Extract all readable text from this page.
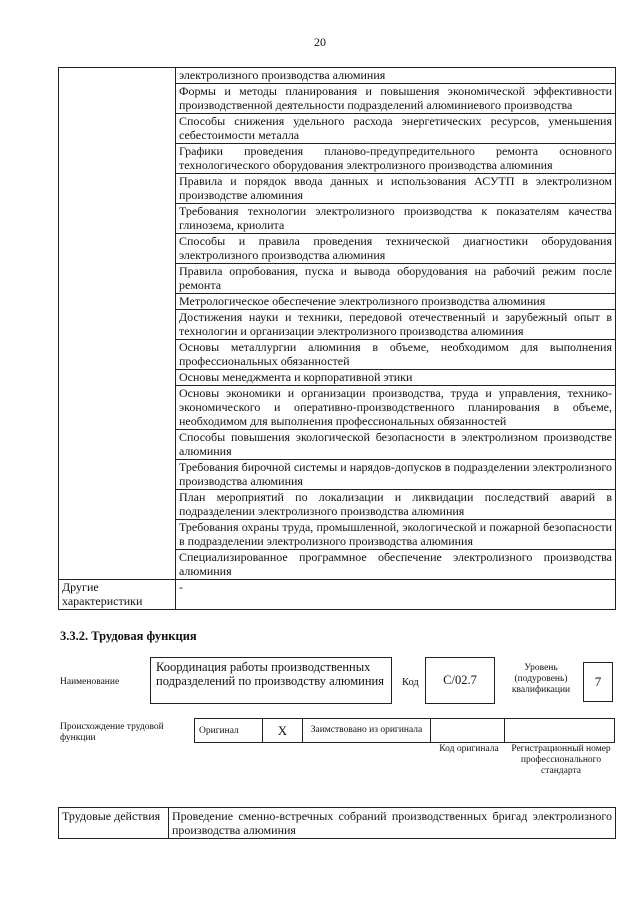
20
	электролизного производства алюминия
	Формы и методы планирования и повышения экономической эффективности производственной деятельности подразделений алюминиевого производства
	Способы снижения удельного расхода энергетических ресурсов, уменьшения себестоимости металла
	Графики проведения планово-предупредительного ремонта основного технологического оборудования электролизного производства алюминия
	Правила и порядок ввода данных и использования АСУТП в электролизном производстве алюминия
	Требования технологии электролизного производства к показателям качества глинозема, криолита
	Способы и правила проведения технической диагностики оборудования электролизного производства алюминия
	Правила опробования, пуска и вывода оборудования на рабочий режим после ремонта
	Метрологическое обеспечение электролизного производства алюминия
	Достижения науки и техники, передовой отечественный и зарубежный опыт в технологии и организации электролизного производства алюминия
	Основы металлургии алюминия в объеме, необходимом для выполнения профессиональных обязанностей
	Основы менеджмента и корпоративной этики
	Основы экономики и организации производства, труда и управления, технико-экономического и оперативно-производственного планирования в объеме, необходимом для выполнения профессиональных обязанностей
	Способы повышения экологической безопасности в электролизном производстве алюминия
	Требования бирочной системы и нарядов-допусков в подразделении электролизного производства алюминия
	План мероприятий по локализации и ликвидации последствий аварий в подразделении электролизного производства алюминия
	Требования охраны труда, промышленной, экологической и пожарной безопасности в подразделении электролизного производства алюминия
	Специализированное программное обеспечение электролизного производства алюминия
Другие характеристики	-
3.3.2. Трудовая функция
Наименование
Координация работы производственных подразделений по производству алюминия	Код	С/02.7
Уровень (подуровень) квалификации
7
Происхождение трудовой функции
Оригинал	X	Заимствовано из оригинала		
Код оригинала	Регистрационный номер профессионального стандарта
Трудовые действия	Проведение сменно-встречных собраний производственных бригад электролизного производства алюминия
